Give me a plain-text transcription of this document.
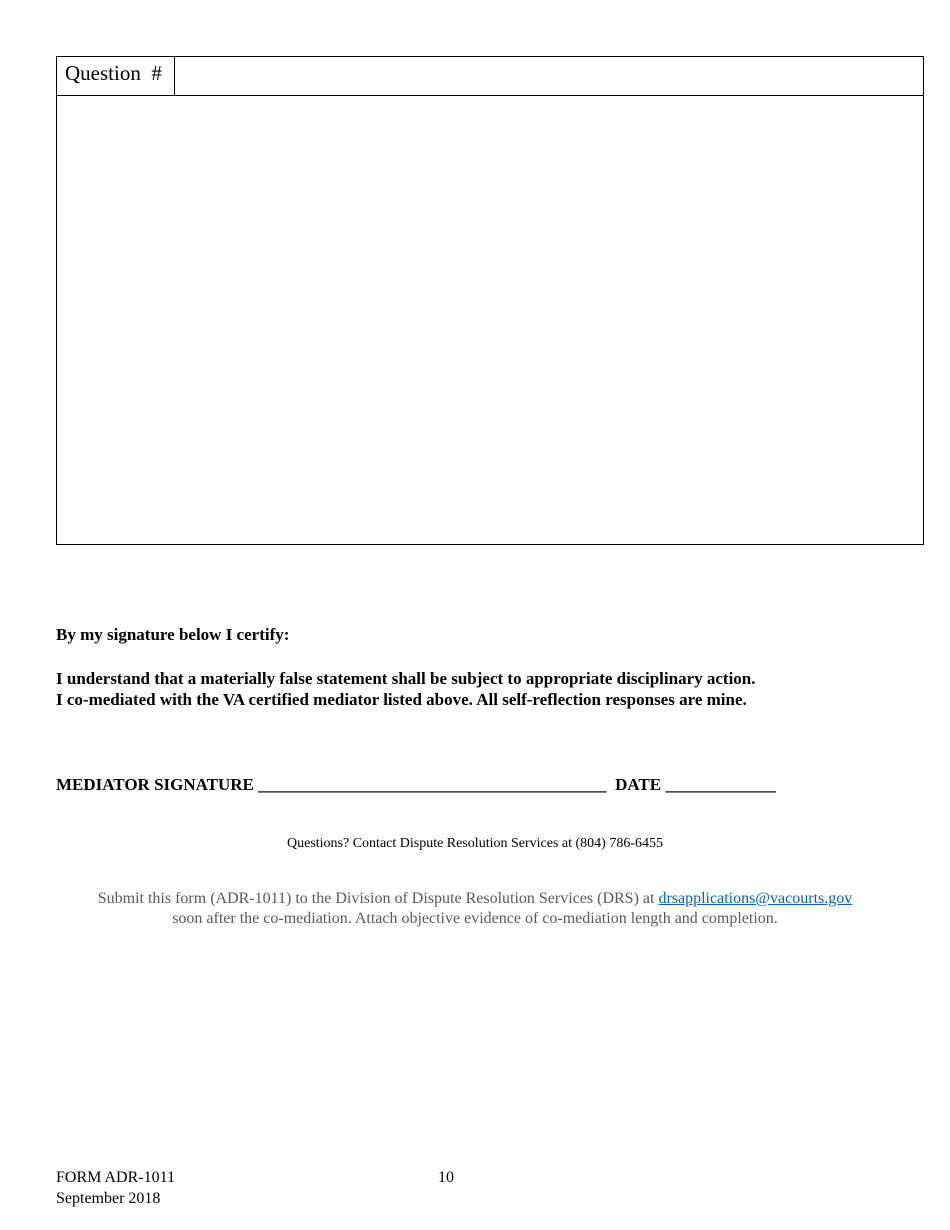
Question  #
By my signature below I certify:
I understand that a materially false statement shall be subject to appropriate disciplinary action.
I co-mediated with the VA certified mediator listed above. All self-reflection responses are mine.
MEDIATOR SIGNATURE _________________________________________ DATE _____________
Questions? Contact Dispute Resolution Services at (804) 786-6455
Submit this form (ADR-1011) to the Division of Dispute Resolution Services (DRS) at drsapplications@vacourts.gov
soon after the co-mediation. Attach objective evidence of co-mediation length and completion.
FORM ADR-1011
September 2018
10
